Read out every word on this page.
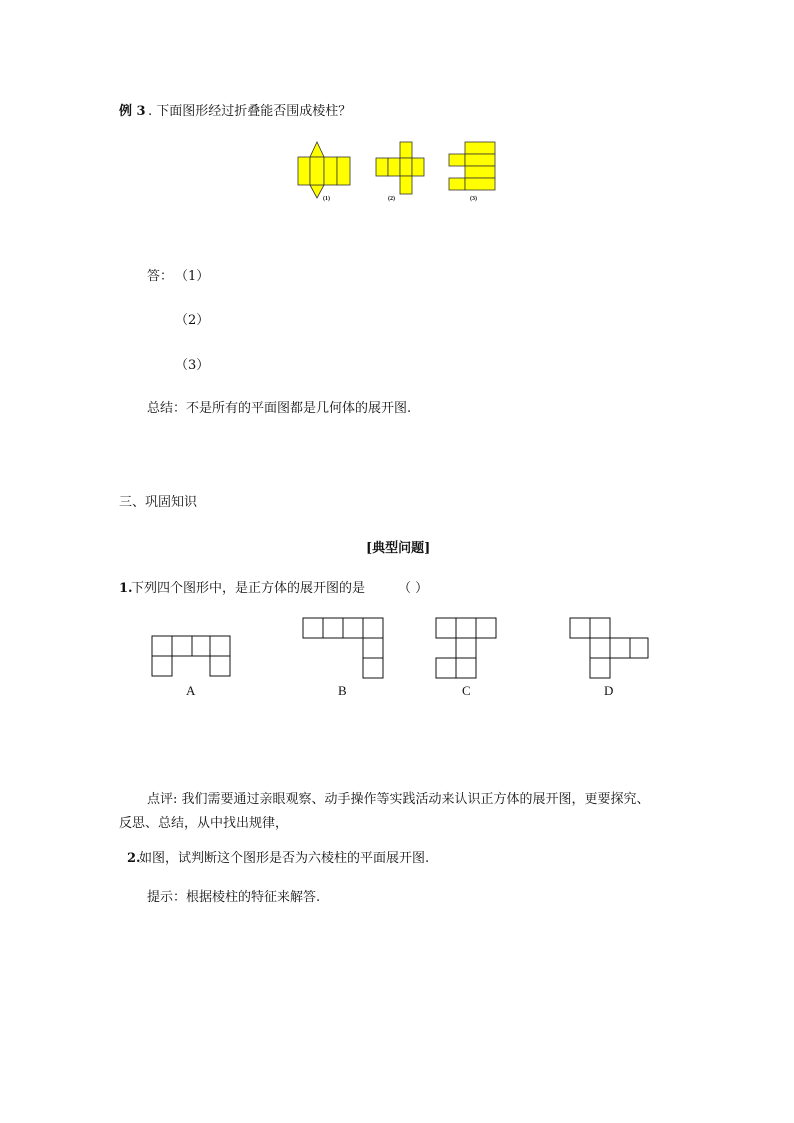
例 3 . 下面图形经过折叠能否围成棱柱？
(1)	(2)	(3)
答： （1）
（2）
（3）
总结：不是所有的平面图都是几何体的展开图.
三、巩固知识
[典型问题]
1.
下列四个图形中，是正方体的展开图的是	（ ）
A	B	C	D
点评: 我们需要通过亲眼观察、动手操作等实践活动来认识正方体的展开图，更要探究、
反思、总结，从中找出规律，
2.
如图，试判断这个图形是否为六棱柱的平面展开图.
提示：根据棱柱的特征来解答.
